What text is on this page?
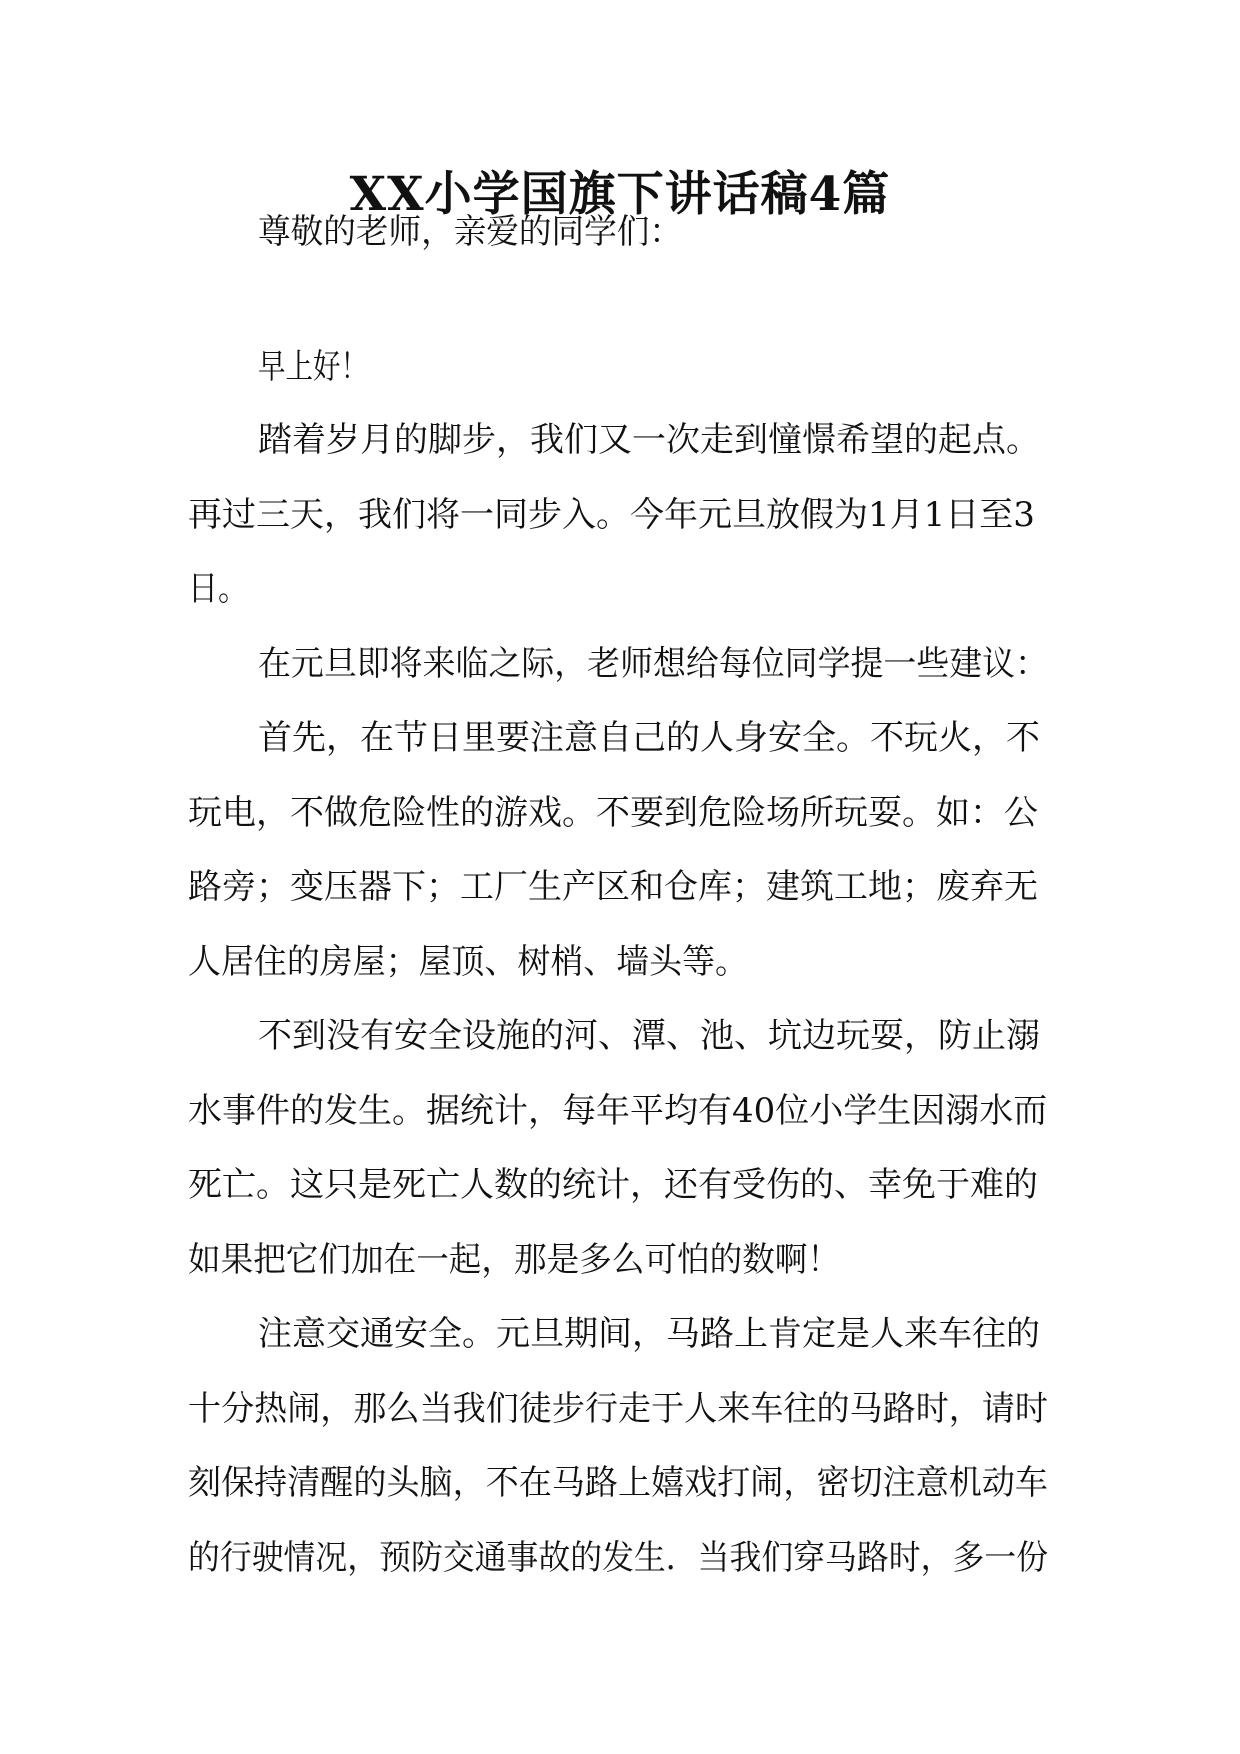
XX小学国旗下讲话稿4篇
尊敬的老师，亲爱的同学们：
早上好！
踏着岁月的脚步，我们又一次走到憧憬希望的起点。
再过三天，我们将一同步入。今年元旦放假为1月1日至3
日。
在元旦即将来临之际，老师想给每位同学提一些建议：
首先，在节日里要注意自己的人身安全。不玩火，不
玩电，不做危险性的游戏。不要到危险场所玩耍。如：公
路旁；变压器下；工厂生产区和仓库；建筑工地；废弃无
人居住的房屋；屋顶、树梢、墙头等。
不到没有安全设施的河、潭、池、坑边玩耍，防止溺
水事件的发生。据统计，每年平均有40位小学生因溺水而
死亡。这只是死亡人数的统计，还有受伤的、幸免于难的
如果把它们加在一起，那是多么可怕的数啊！
注意交通安全。元旦期间，马路上肯定是人来车往的
十分热闹，那么当我们徒步行走于人来车往的马路时，请时
刻保持清醒的头脑，不在马路上嬉戏打闹，密切注意机动车
的行驶情况，预防交通事故的发生．当我们穿马路时，多一份
